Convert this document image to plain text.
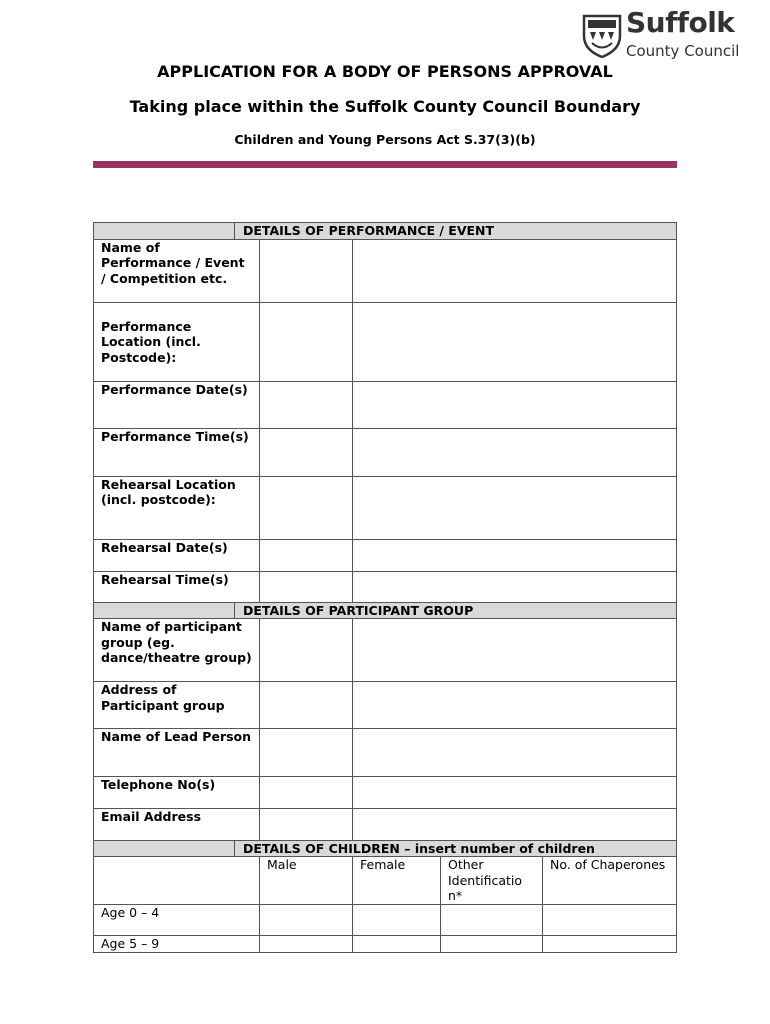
Suffolk
County Council
APPLICATION FOR A BODY OF PERSONS APPROVAL
Taking place within the Suffolk County Council Boundary
Children and Young Persons Act S.37(3)(b)
DETAILS OF PERFORMANCE / EVENT				

Name of Performance / Event / Competition etc.				
Performance Location (incl. Postcode):				
Performance Date(s)				
Performance Time(s)				
Rehearsal Location (incl. postcode):				
Rehearsal Date(s)				
Rehearsal Time(s)				

DETAILS OF PARTICIPANT GROUP				

Name of participant group (eg. dance/theatre group)				
Address of Participant group				
Name of Lead Person				
Telephone No(s)				
Email Address				

DETAILS OF CHILDREN – insert number of children				

	Male	Female	Other Identificatio n*	No. of Chaperones
Age 0 – 4				
Age 5 – 9				
